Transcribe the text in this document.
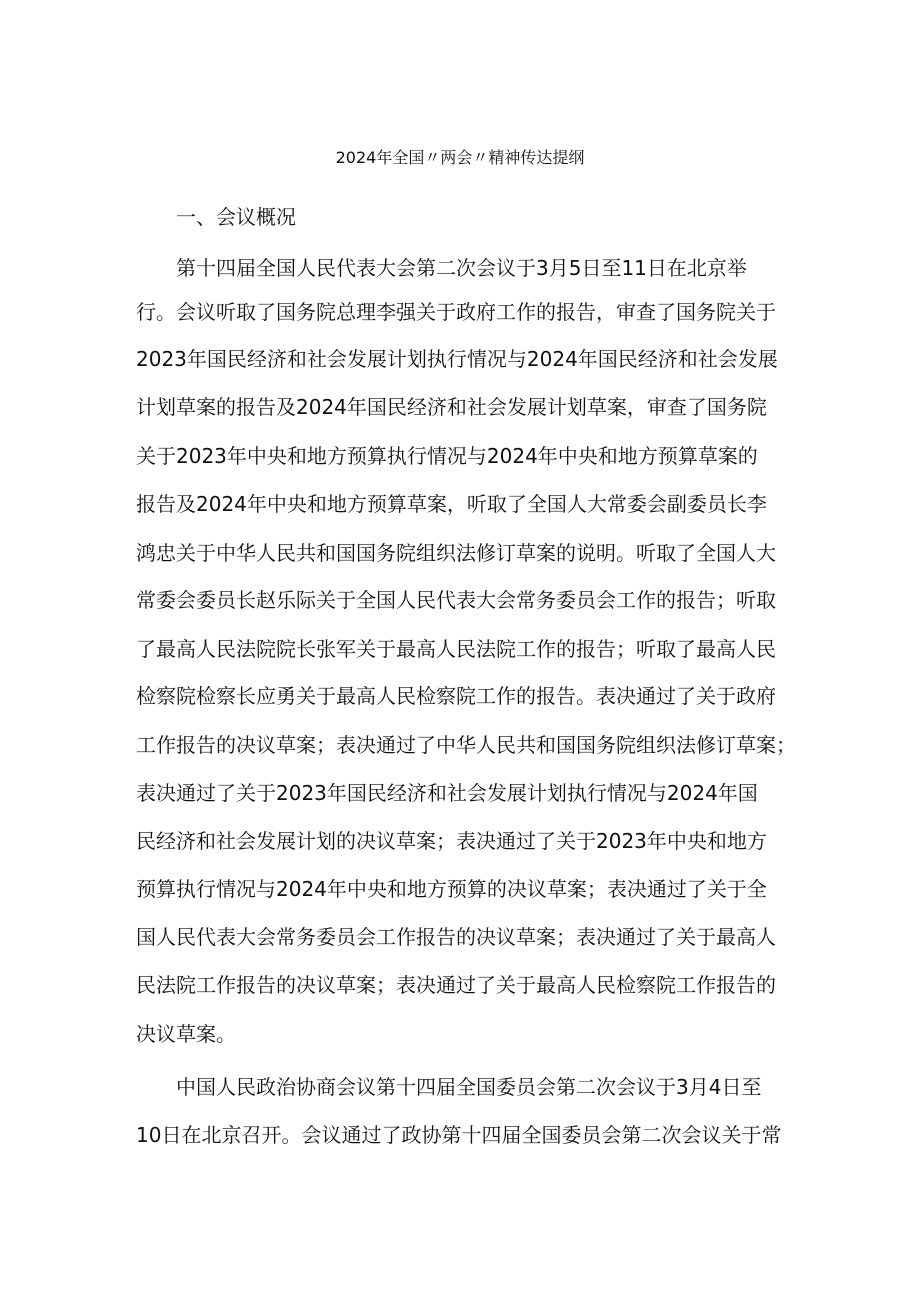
2024年全国〃两会〃精神传达提纲
一、会议概况
第十四届全国人民代表大会第二次会议于3月5日至11日在北京举
行。会议听取了国务院总理李强关于政府工作的报告，审查了国务院关于
2023年国民经济和社会发展计划执行情况与2024年国民经济和社会发展
计划草案的报告及2024年国民经济和社会发展计划草案，审查了国务院
关于2023年中央和地方预算执行情况与2024年中央和地方预算草案的
报告及2024年中央和地方预算草案，听取了全国人大常委会副委员长李
鸿忠关于中华人民共和国国务院组织法修订草案的说明。听取了全国人大
常委会委员长赵乐际关于全国人民代表大会常务委员会工作的报告；听取
了最高人民法院院长张军关于最高人民法院工作的报告；听取了最高人民
检察院检察长应勇关于最高人民检察院工作的报告。表决通过了关于政府
工作报告的决议草案；表决通过了中华人民共和国国务院组织法修订草案；
表决通过了关于2023年国民经济和社会发展计划执行情况与2024年国
民经济和社会发展计划的决议草案；表决通过了关于2023年中央和地方
预算执行情况与2024年中央和地方预算的决议草案；表决通过了关于全
国人民代表大会常务委员会工作报告的决议草案；表决通过了关于最高人
民法院工作报告的决议草案；表决通过了关于最高人民检察院工作报告的
决议草案。
中国人民政治协商会议第十四届全国委员会第二次会议于3月4日至
10日在北京召开。会议通过了政协第十四届全国委员会第二次会议关于常
